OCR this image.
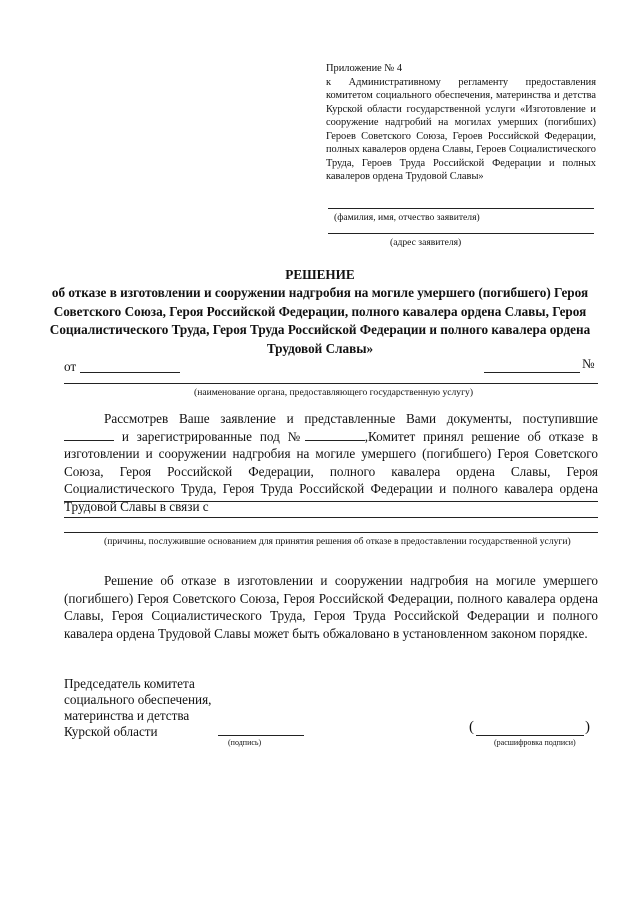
Приложение № 4
к Административному регламенту предоставления комитетом социального обеспечения, материнства и детства Курской области государственной услуги «Изготовление и сооружение надгробий на могилах умерших (погибших) Героев Советского Союза, Героев Российской Федерации, полных кавалеров ордена Славы, Героев Социалистического Труда, Героев Труда Российской Федерации и полных кавалеров ордена Трудовой Славы»
(фамилия, имя, отчество заявителя)
(адрес заявителя)
РЕШЕНИЕ
об отказе в изготовлении и сооружении надгробия на могиле умершего (погибшего) Героя Советского Союза, Героя Российской Федерации, полного кавалера ордена Славы, Героя Социалистического Труда, Героя Труда Российской Федерации и полного кавалера ордена Трудовой Славы»
от	№
(наименование органа, предоставляющего государственную услугу)
Рассмотрев Ваше заявление и представленные Вами документы, поступившие  и зарегистрированные под №	,Комитет принял решение об отказе в изготовлении и сооружении надгробия на могиле умершего (погибшего) Героя Советского Союза, Героя Российской Федерации, полного кавалера ордена Славы, Героя Социалистического Труда, Героя Труда Российской Федерации и полного кавалера ордена Трудовой Славы в связи с
(причины, послужившие основанием для принятия решения об отказе в предоставлении государственной услуги)
Решение об отказе в изготовлении и сооружении надгробия на могиле умершего (погибшего) Героя Советского Союза, Героя Российской Федерации, полного кавалера ордена Славы, Героя Социалистического Труда, Героя Труда Российской Федерации и полного кавалера ордена Трудовой Славы может быть обжаловано в установленном законом порядке.
Председатель комитета
социального обеспечения,
материнства и детства
Курской области
(подпись)
(	)
(расшифровка подписи)
